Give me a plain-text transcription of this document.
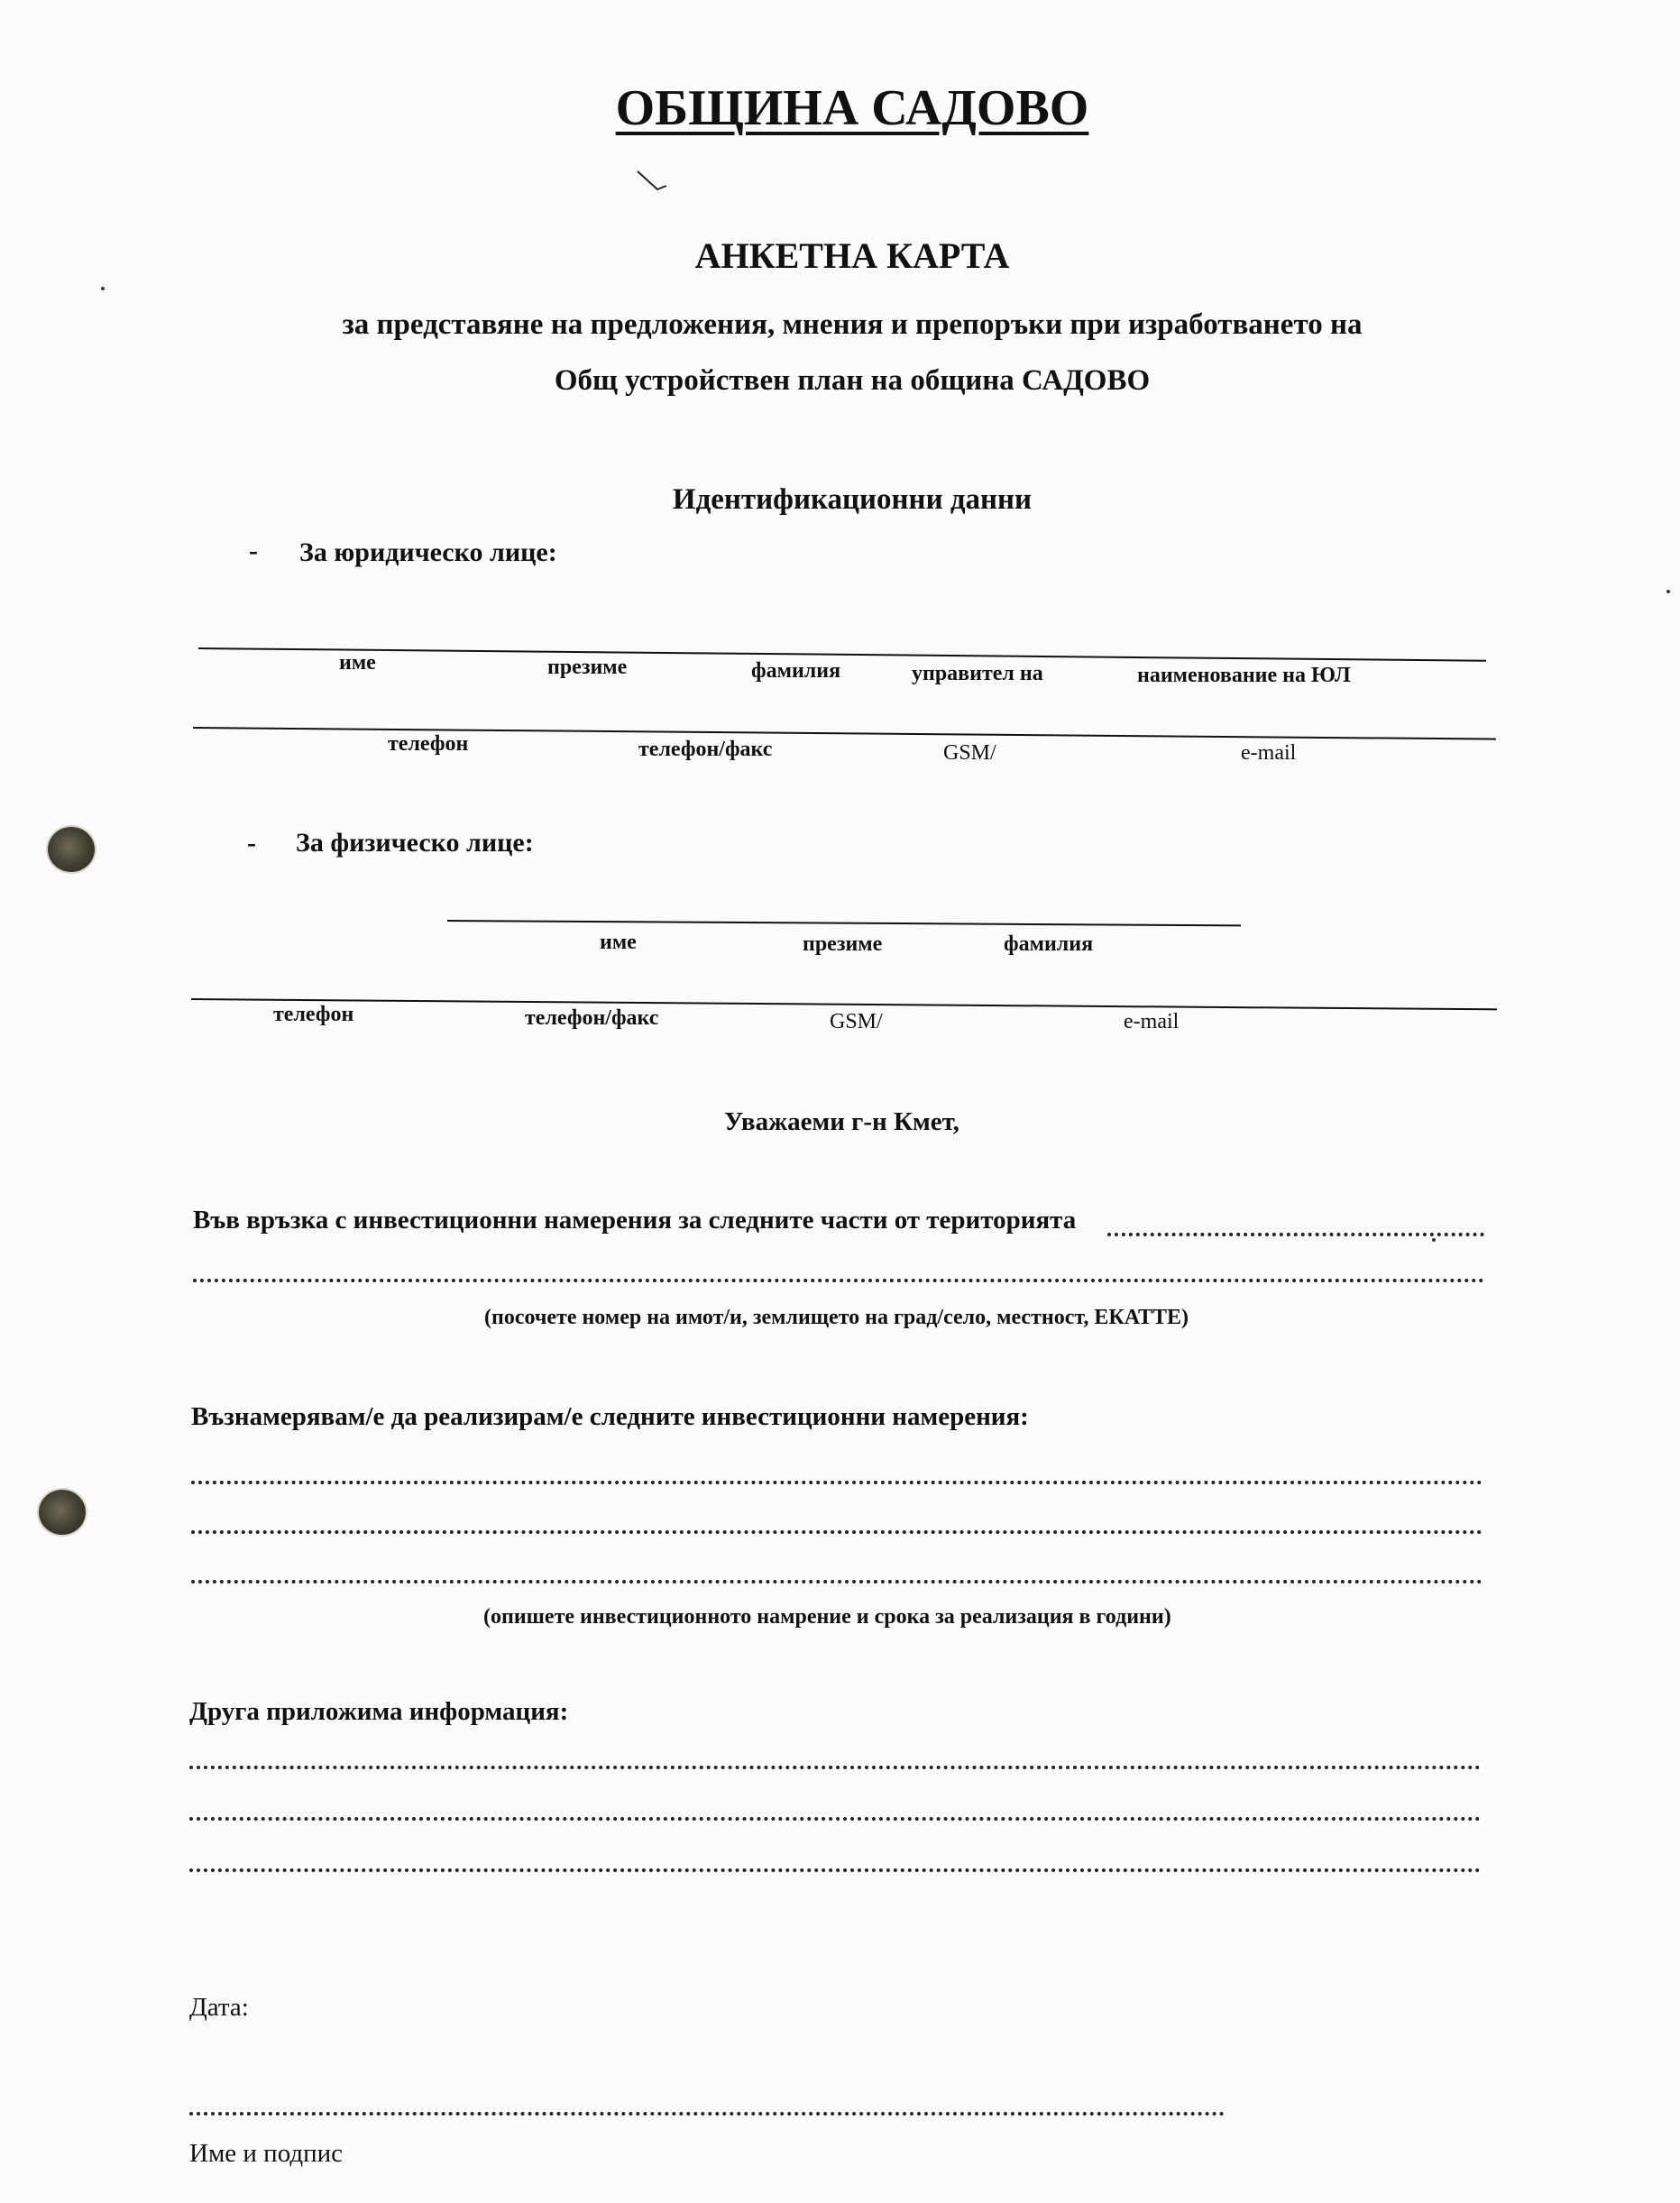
ОБЩИНА САДОВО
АНКЕТНА КАРТА
за представяне на предложения, мнения и препоръки при изработването на
Общ устройствен план на община САДОВО
Идентификационни данни
- За юридическо лице:
име	презиме	фамилия	управител на	наименование на ЮЛ
телефон	телефон/факс	GSM/	e-mail
- За физическо лице:
име	презиме	фамилия
телефон	телефон/факс	GSM/	e-mail
Уважаеми г-н Кмет,
Във връзка с инвестиционни намерения за следните части от територията
(посочете номер на имот/и, землището на град/село, местност, ЕКАТТЕ)
Възнамерявам/е да реализирам/е следните инвестиционни намерения:
(опишете инвестиционното намрение и срока за реализация в години)
Друга приложима информация:
Дата:
Име и подпис
